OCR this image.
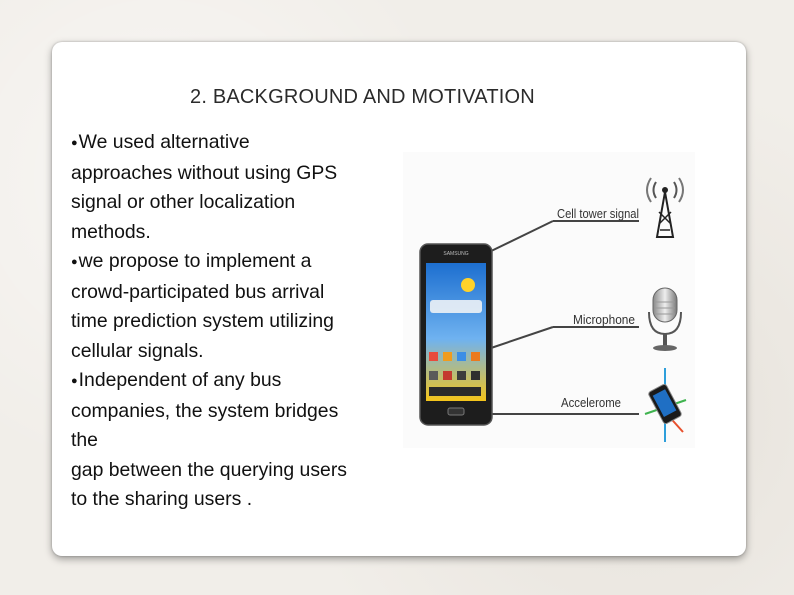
2. BACKGROUND AND MOTIVATION
●We used alternative
approaches without using GPS
signal or other localization
methods.
●we propose to implement a
crowd-participated bus arrival
time prediction system utilizing
cellular signals.
●Independent of any bus
companies, the system bridges
the
gap between the querying users
to the sharing users .
SAMSUNG
Cell tower signal
Microphone
Accelerome
